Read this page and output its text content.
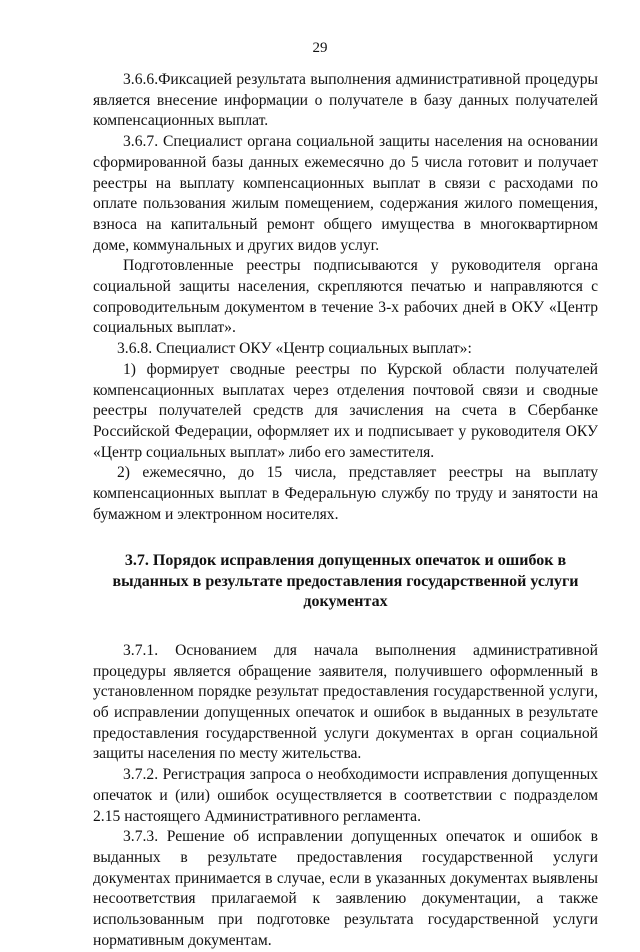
29

3.6.6.Фиксацией результата выполнения административной процедуры является внесение информации о получателе в базу данных получателей компенсационных выплат.

3.6.7. Специалист органа социальной защиты населения на основании сформированной базы данных ежемесячно до 5 числа готовит и получает реестры на выплату компенсационных выплат в связи с расходами по оплате пользования жилым помещением, содержания жилого помещения, взноса на капитальный ремонт общего имущества в многоквартирном доме, коммунальных и других видов услуг.

Подготовленные реестры подписываются у руководителя органа социальной защиты населения, скрепляются печатью и направляются с сопроводительным документом в течение 3-х рабочих дней в ОКУ «Центр социальных выплат».

3.6.8. Специалист ОКУ «Центр социальных выплат»:

1) формирует сводные реестры по Курской области получателей компенсационных выплатах через отделения почтовой связи и сводные реестры получателей средств для зачисления на счета в Сбербанке Российской Федерации, оформляет их и подписывает у руководителя ОКУ «Центр социальных выплат» либо его заместителя.

2) ежемесячно, до 15 числа, представляет реестры на выплату компенсационных выплат в Федеральную службу по труду и занятости на бумажном и электронном носителях.

3.7. Порядок исправления допущенных опечаток и ошибок в выданных в результате предоставления государственной услуги документах

3.7.1. Основанием для начала выполнения административной процедуры является обращение заявителя, получившего оформленный в установленном порядке результат предоставления государственной услуги, об исправлении допущенных опечаток и ошибок в выданных в результате предоставления государственной услуги документах в орган социальной защиты населения по месту жительства.

3.7.2. Регистрация запроса о необходимости исправления допущенных опечаток и (или) ошибок осуществляется в соответствии с подразделом 2.15 настоящего Административного регламента.

3.7.3. Решение об исправлении допущенных опечаток и ошибок в выданных в результате предоставления государственной услуги документах принимается в случае, если в указанных документах выявлены несоответствия прилагаемой к заявлению документации, а также использованным при подготовке результата государственной услуги нормативным документам.
